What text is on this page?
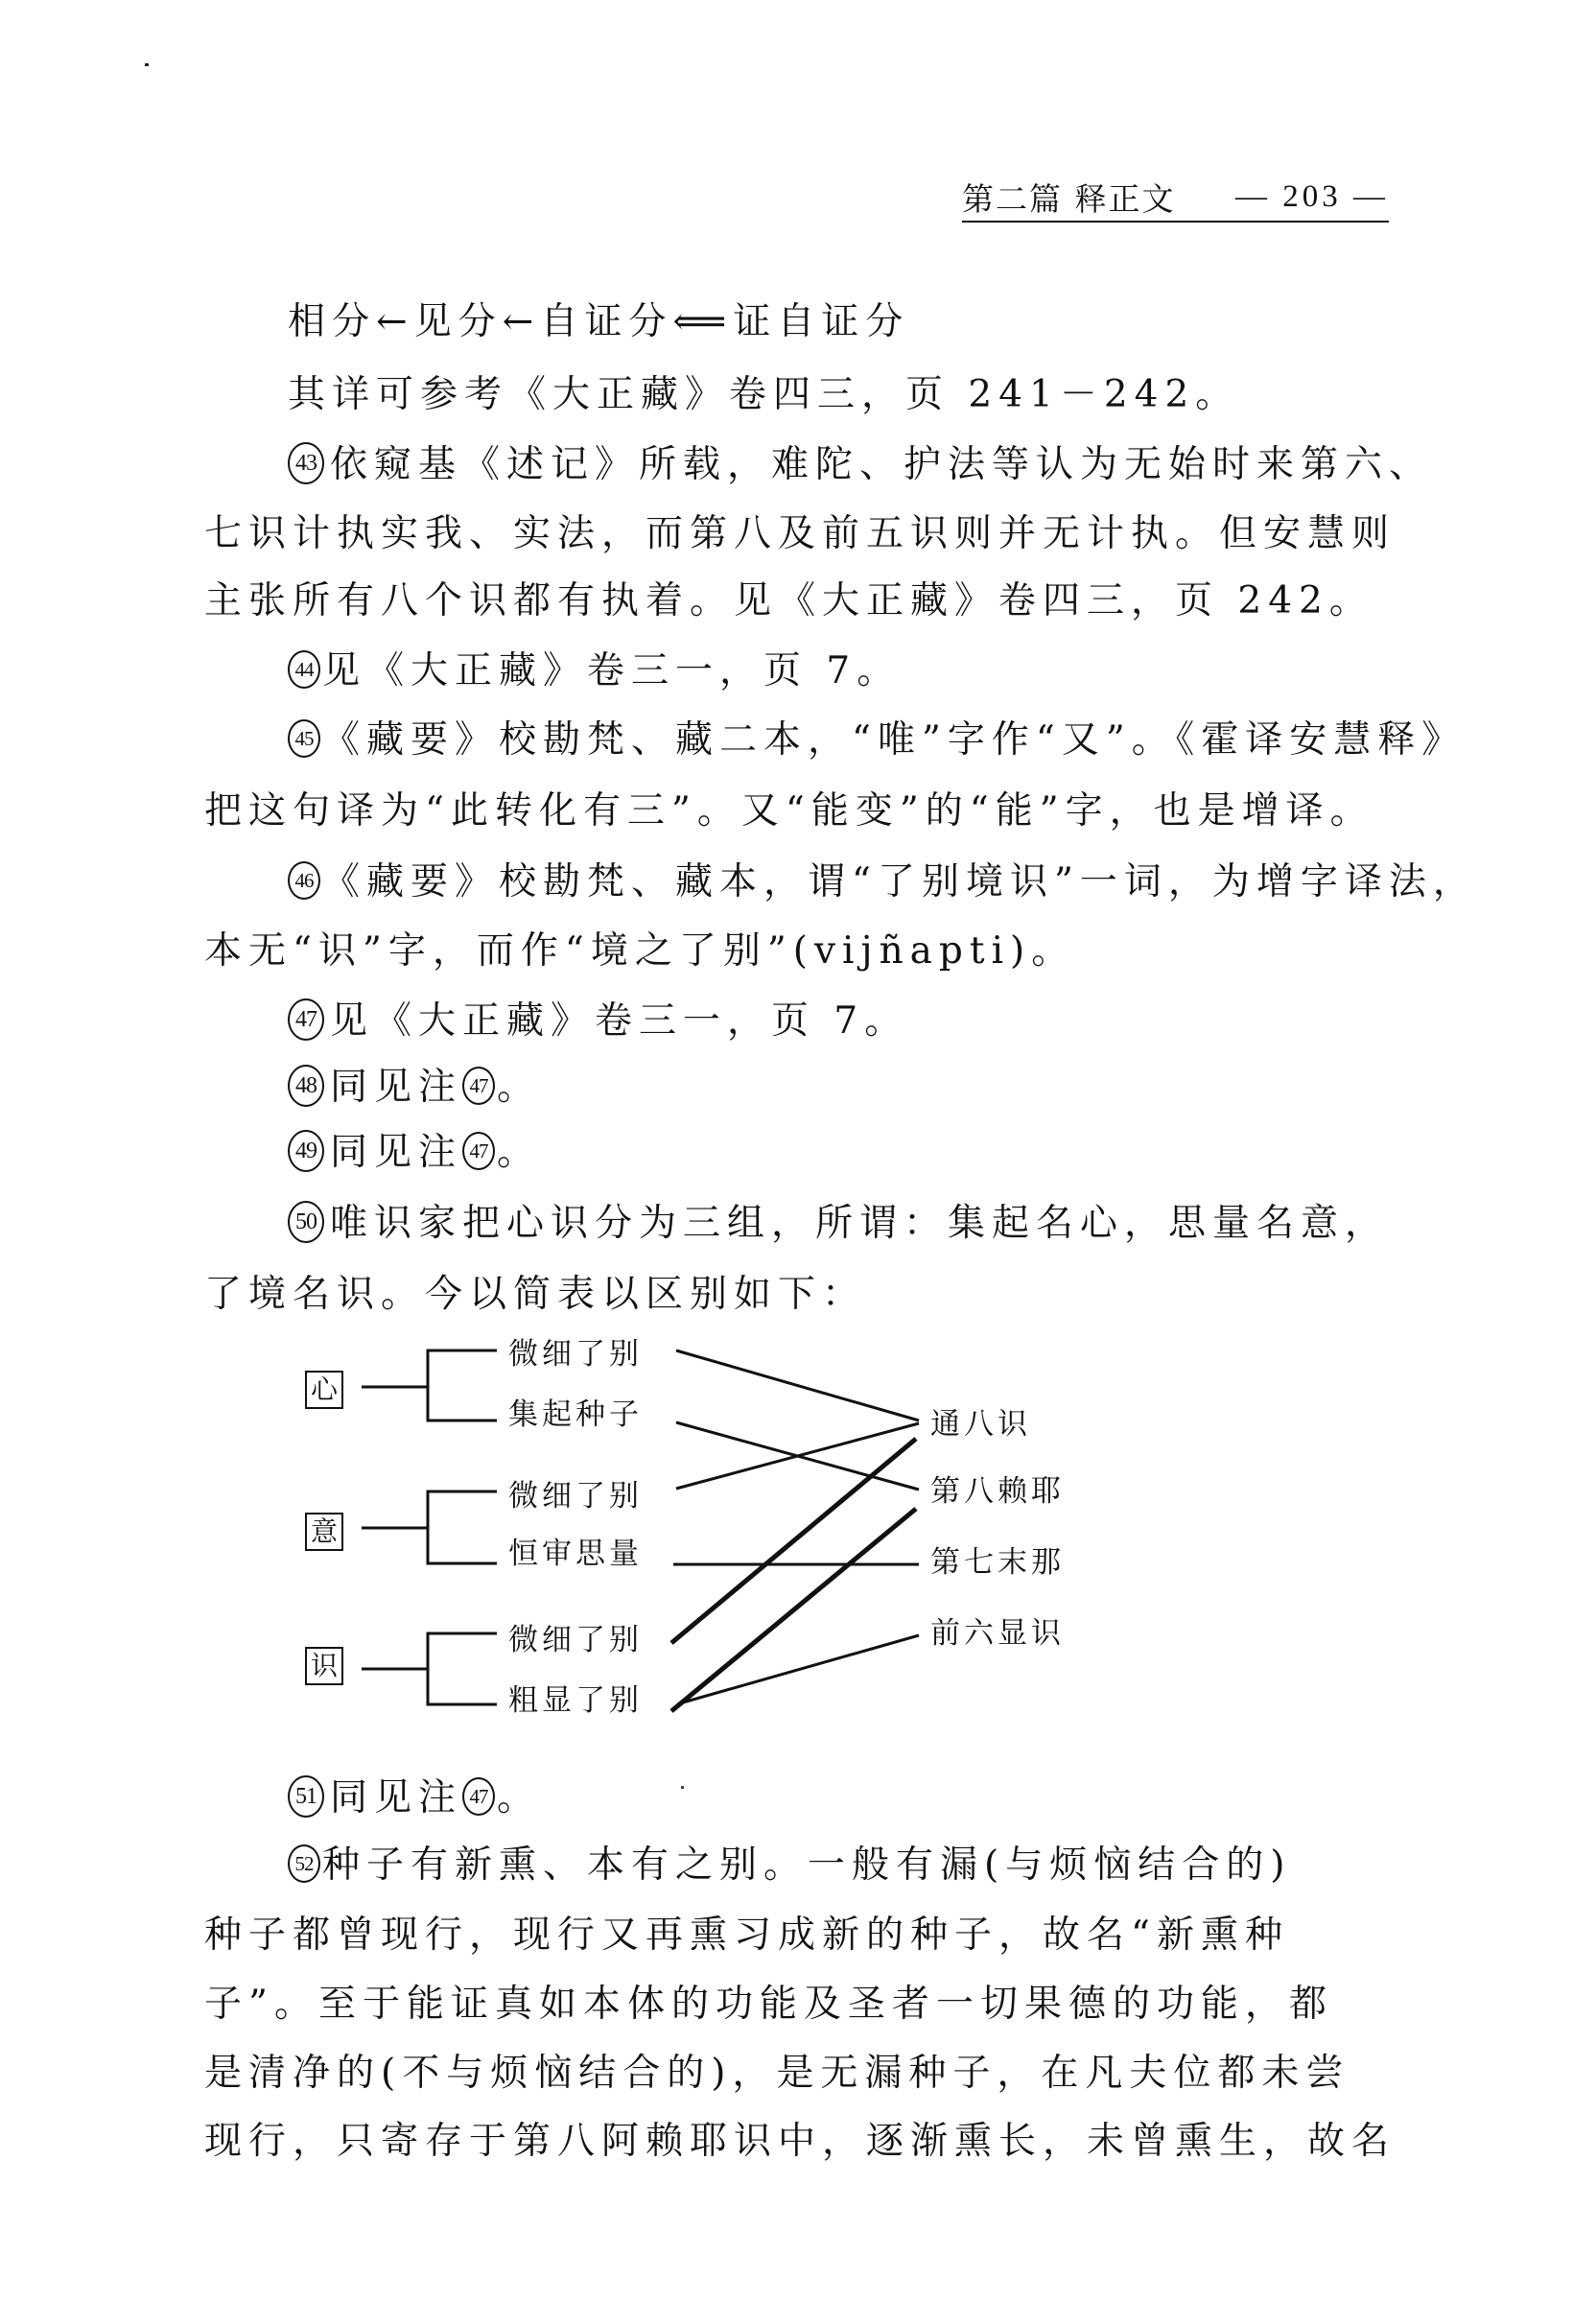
第二篇 释正文 — 203 —
相分←见分←自证分⟸证自证分
其详可参考《大正藏》卷四三，页 241－242。
43 依窥基《述记》所载，难陀、护法等认为无始时来第六、
七识计执实我、实法，而第八及前五识则并无计执。但安慧则
主张所有八个识都有执着。见《大正藏》卷四三，页 242。
44 见《大正藏》卷三一，页 7。
45 《藏要》校勘梵、藏二本，“唯”字作“又”。《霍译安慧释》
把这句译为“此转化有三”。又“能变”的“能”字，也是增译。
46 《藏要》校勘梵、藏本，谓“了别境识”一词，为增字译法，
本无“识”字，而作“境之了别”(vijñapti)。
47 见《大正藏》卷三一，页 7。
48 同见注 47 。
49 同见注 47 。
50 唯识家把心识分为三组，所谓：集起名心，思量名意，
了境名识。今以简表以区别如下：
心
意
识
微细了别
集起种子
微细了别
恒审思量
微细了别
粗显了别
通八识
第八赖耶
第七末那
前六显识
51 同见注 47 。
52 种子有新熏、本有之别。一般有漏(与烦恼结合的)
种子都曾现行，现行又再熏习成新的种子，故名“新熏种
子”。至于能证真如本体的功能及圣者一切果德的功能，都
是清净的(不与烦恼结合的)，是无漏种子，在凡夫位都未尝
现行，只寄存于第八阿赖耶识中，逐渐熏长，未曾熏生，故名
